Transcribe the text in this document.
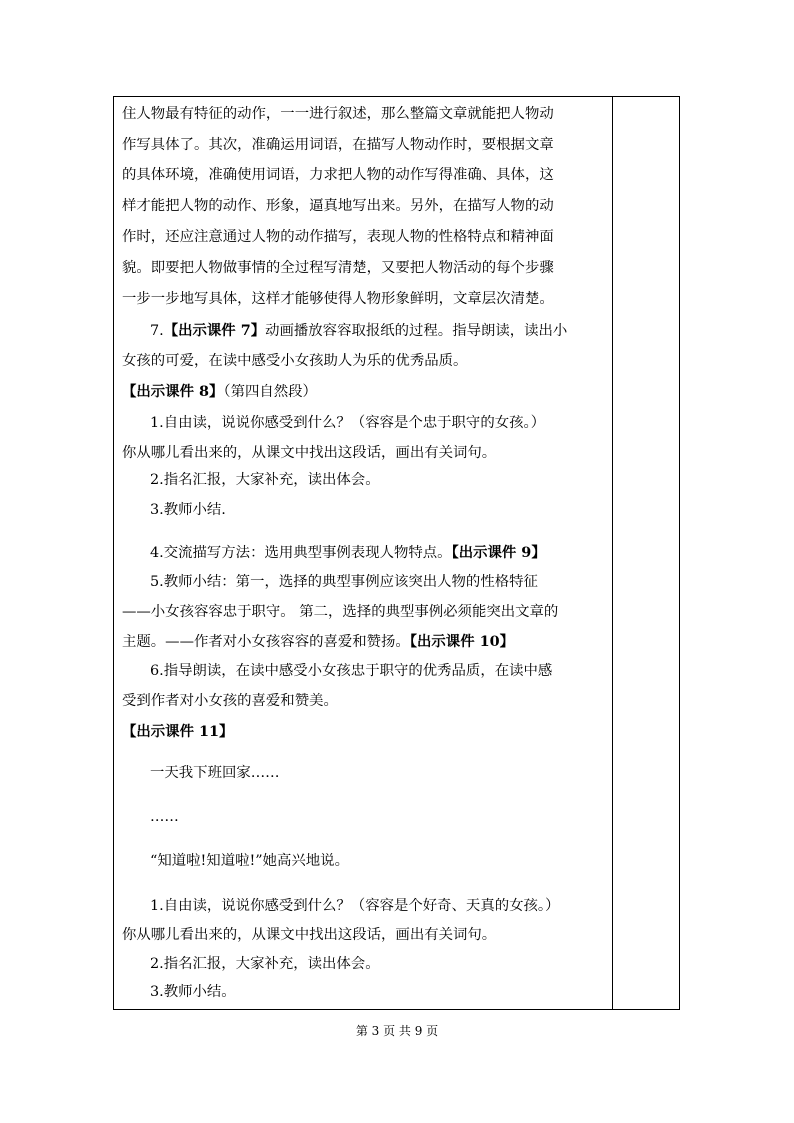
住人物最有特征的动作，一一进行叙述，那么整篇文章就能把人物动
作写具体了。其次，准确运用词语，在描写人物动作时，要根据文章
的具体环境，准确使用词语，力求把人物的动作写得准确、具体，这
样才能把人物的动作、形象，逼真地写出来。另外，在描写人物的动
作时，还应注意通过人物的动作描写，表现人物的性格特点和精神面
貌。即要把人物做事情的全过程写清楚，又要把人物活动的每个步骤
一步一步地写具体，这样才能够使得人物形象鲜明，文章层次清楚。
7.【出示课件 7】动画播放容容取报纸的过程。指导朗读，读出小
女孩的可爱，在读中感受小女孩助人为乐的优秀品质。
【出示课件 8】（第四自然段）
1.自由读，说说你感受到什么？（容容是个忠于职守的女孩。）
你从哪儿看出来的，从课文中找出这段话，画出有关词句。
2.指名汇报，大家补充，读出体会。
3.教师小结.
4.交流描写方法：选用典型事例表现人物特点。【出示课件 9】
5.教师小结：第一，选择的典型事例应该突出人物的性格特征
——小女孩容容忠于职守。 第二，选择的典型事例必须能突出文章的
主题。——作者对小女孩容容的喜爱和赞扬。【出示课件 10】
6.指导朗读，在读中感受小女孩忠于职守的优秀品质，在读中感
受到作者对小女孩的喜爱和赞美。
【出示课件 11】
一天我下班回家……
……
“知道啦!知道啦!”她高兴地说。
1.自由读，说说你感受到什么？（容容是个好奇、天真的女孩。）
你从哪儿看出来的，从课文中找出这段话，画出有关词句。
2.指名汇报，大家补充，读出体会。
3.教师小结。
第 3 页 共 9 页
